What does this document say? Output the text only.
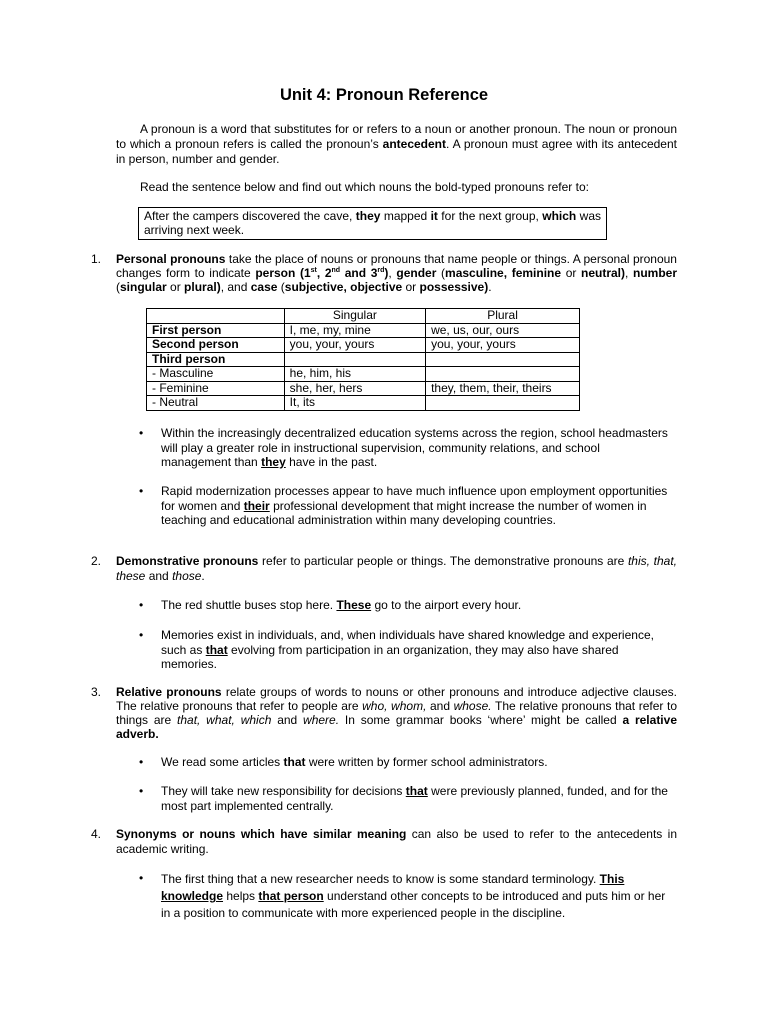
Unit 4: Pronoun Reference
A pronoun is a word that substitutes for or refers to a noun or another pronoun. The noun or pronoun to which a pronoun refers is called the pronoun’s antecedent. A pronoun must agree with its antecedent in person, number and gender.
Read the sentence below and find out which nouns the bold-typed pronouns refer to:
After the campers discovered the cave, they mapped it for the next group, which was arriving next week.
1. Personal pronouns take the place of nouns or pronouns that name people or things. A personal pronoun changes form to indicate person (1st, 2nd and 3rd), gender (masculine, feminine or neutral), number (singular or plural), and case (subjective, objective or possessive).
	Singular	Plural
First person	I, me, my, mine	we, us, our, ours
Second person	you, your, yours	you, your, yours
Third person		
- Masculine	he, him, his	
- Feminine	she, her, hers	they, them, their, theirs
- Neutral	It, its	
• Within the increasingly decentralized education systems across the region, school headmasters will play a greater role in instructional supervision, community relations, and school management than they have in the past.
• Rapid modernization processes appear to have much influence upon employment opportunities for women and their professional development that might increase the number of women in teaching and educational administration within many developing countries.
2. Demonstrative pronouns refer to particular people or things. The demonstrative pronouns are this, that, these and those.
• The red shuttle buses stop here. These go to the airport every hour.
• Memories exist in individuals, and, when individuals have shared knowledge and experience, such as that evolving from participation in an organization, they may also have shared memories.
3. Relative pronouns relate groups of words to nouns or other pronouns and introduce adjective clauses. The relative pronouns that refer to people are who, whom, and whose. The relative pronouns that refer to things are that, what, which and where. In some grammar books ‘where’ might be called a relative adverb.
• We read some articles that were written by former school administrators.
• They will take new responsibility for decisions that were previously planned, funded, and for the most part implemented centrally.
4. Synonyms or nouns which have similar meaning can also be used to refer to the antecedents in academic writing.
• The first thing that a new researcher needs to know is some standard terminology. This knowledge helps that person understand other concepts to be introduced and puts him or her in a position to communicate with more experienced people in the discipline.
